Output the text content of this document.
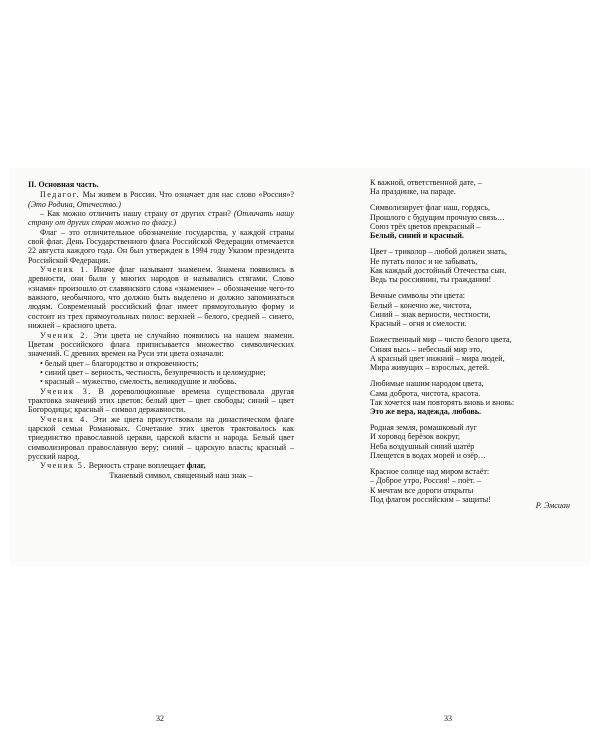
II. Основная часть.

Педагог. Мы живем в России. Что означает для нас слово «Россия»? (Это Родина, Отечество.)

– Как можно отличить нашу страну от других стран? (Отличать нашу страну от других стран можно по флагу.)

Флаг – это отличительное обозначение государства, у каждой страны свой флаг. День Государственного флага Российской Федерации отмечается 22 августа каждого года. Он был утвержден в 1994 году Указом президента Российской Федерации.

Ученик 1. Иначе флаг называют знаменем. Знамена появились в древности, они были у многих народов и называлисъ стягами. Слово «знамя» произошло от славянского слова «знамение» – обозначение чего-то важного, необычного, что должно быть выделено и должно запоминаться людям. Современный российский флаг имеет прямоугольную форму и состоит из трех прямоугольных полос: верхней – белого, средней – синего, нижней – красного цвета.

Ученик 2. Эти цвета не случайно появились на нашем знамени. Цветам российского флага приписывается множество символических значений. С древних времен на Руси эти цвета означали:

• белый цвет – благородство и откровенность;

• синий цвет – верность, честность, безупречность и целомудрие;

• красный – мужество, смелость, великодушие и любовь.

Ученик 3. В дореволюционные времена существовала другая трактовка значений этих цветов: белый цвет – цвет свободы; синий – цвет Богородицы; красный – символ державности.

Ученик 4. Эти же цвета присутствовали на династическом флаге царской семьи Романовых. Сочетание этих цветов трактовалось как триединство православной церкви, царской власти и народа. Белый цвет символизировал православную веру; синий – царскую власть; красный – русский народ.

Ученик 5. Верность стране воплещает флаг,

Тканевый символ, священный наш знак –

К важной, ответственной дате, –
На праздинке, на параде.
Символизирует флаг наш, гордясь,
Прошлого с будущим прочную связь…
Союз трёх цветов прекрасный –
Белый, синий и красный.
Цвет – триколор – любой должен знать,
Не путать полос и не забывать,
Как каждый достойный Отечества сын.
Ведь ты россиянин, ты гражданин!
Вечные символы эти цвета:
Белый – конечно же, чистота,
Синий – знак верности, честности,
Красный – огня и смелости.
Божественный мир – чисто белого цвета,
Синяя высь – небесный мир это,
А красный цвет нижний – мира людей,
Мира живущих – взрослых, детей.
Любимые нашим народом цвета,
Сама доброта, чистота, красота.
Так хочется нам повторять вновь и вновь:
Это же вера, надежда, любовь.
Родная земля, ромашковый луг
И хоровод берёзок вокруг,
Неба воздушный синий шатёр
Плещется в водах морей и озёр…
Красное солнце над миром встаёт:
– Доброе утро, Россия! – поёт. –
К мечтам все дороги открыты
Под флагом российским – защиты!
Р. Эмсиан
32	33
